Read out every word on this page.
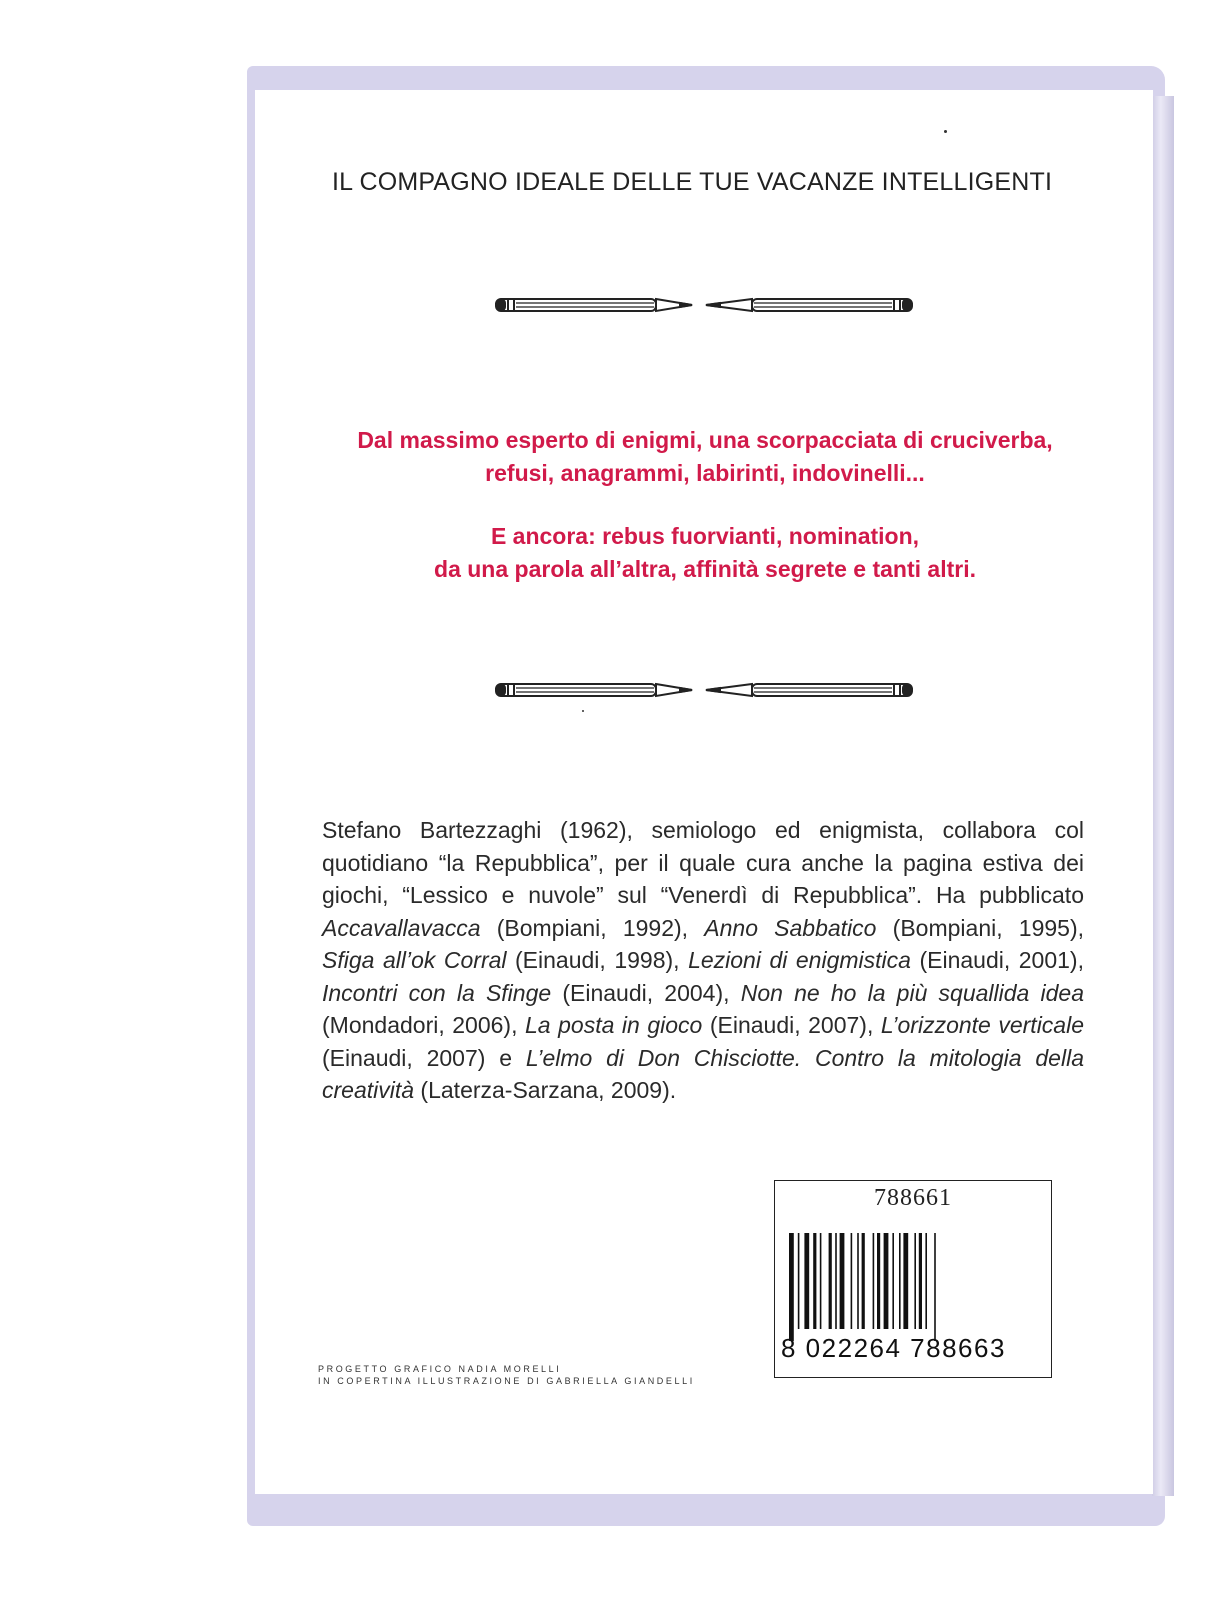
IL COMPAGNO IDEALE DELLE TUE VACANZE INTELLIGENTI

Dal massimo esperto di enigmi, una scorpacciata di cruciverba,

refusi, anagrammi, labirinti, indovinelli...

E ancora: rebus fuorvianti, nomination,

da una parola all’altra, affinità segrete e tanti altri.

Stefano Bartezzaghi (1962), semiologo ed enigmista, collabora col quotidiano “la Repubblica”, per il quale cura anche la pagina estiva dei giochi, “Lessico e nuvole” sul “Venerdì di Repubblica”. Ha pubblicato Accavallavacca (Bompiani, 1992), Anno Sabbatico (Bompiani, 1995), Sfiga all’ok Corral (Einaudi, 1998), Lezioni di enigmistica (Einaudi, 2001), Incontri con la Sfinge (Einaudi, 2004), Non ne ho la più squallida idea (Mondadori, 2006), La posta in gioco (Einaudi, 2007), L’orizzonte verticale (Einaudi, 2007) e L’elmo di Don Chisciotte. Contro la mitologia della creatività (Laterza-Sarzana, 2009).
788661
8 022264 788663
PROGETTO GRAFICO NADIA MORELLI
IN COPERTINA ILLUSTRAZIONE DI GABRIELLA GIANDELLI
